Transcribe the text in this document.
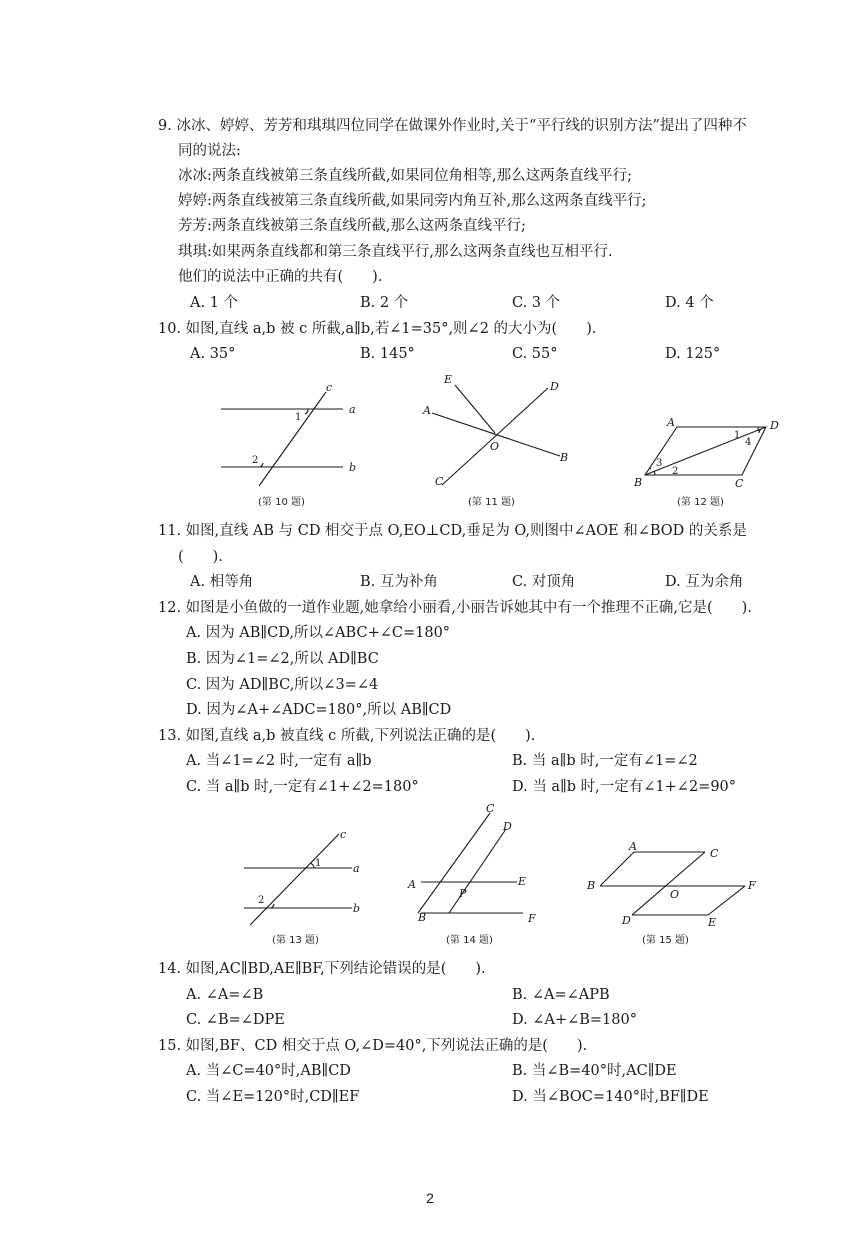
9. 冰冰、婷婷、芳芳和琪琪四位同学在做课外作业时,关于“平行线的识别方法”提出了四种不
同的说法:
冰冰:两条直线被第三条直线所截,如果同位角相等,那么这两条直线平行;
婷婷:两条直线被第三条直线所截,如果同旁内角互补,那么这两条直线平行;
芳芳:两条直线被第三条直线所截,那么这两条直线平行;
琪琪:如果两条直线都和第三条直线平行,那么这两条直线也互相平行.
他们的说法中正确的共有(　　).
A. 1 个	B. 2 个	C. 3 个	D. 4 个
10. 如图,直线 a,b 被 c 所截,a∥b,若∠1=35°,则∠2 的大小为(　　).
A. 35°	B. 145°	C. 55°	D. 125°
c
a
b
1
2
(第 10 题)
E
D
A
O
B
C
(第 11 题)
A	D
B	C
1
4
3
2
(第 12 题)
11. 如图,直线 AB 与 CD 相交于点 O,EO⊥CD,垂足为 O,则图中∠AOE 和∠BOD 的关系是
(　　).
A. 相等角	B. 互为补角	C. 对顶角	D. 互为余角
12. 如图是小鱼做的一道作业题,她拿给小丽看,小丽告诉她其中有一个推理不正确,它是(　　).
A. 因为 AB∥CD,所以∠ABC+∠C=180°
B. 因为∠1=∠2,所以 AD∥BC
C. 因为 AD∥BC,所以∠3=∠4
D. 因为∠A+∠ADC=180°,所以 AB∥CD
13. 如图,直线 a,b 被直线 c 所截,下列说法正确的是(　　).
A. 当∠1=∠2 时,一定有 a∥b	B. 当 a∥b 时,一定有∠1=∠2
C. 当 a∥b 时,一定有∠1+∠2=180°	D. 当 a∥b 时,一定有∠1+∠2=90°
c
a
b
1
2
(第 13 题)
C
D
A
P
E
B	F
(第 14 题)
A
C
B
O
F
D	E
(第 15 题)
14. 如图,AC∥BD,AE∥BF,下列结论错误的是(　　).
A. ∠A=∠B	B. ∠A=∠APB
C. ∠B=∠DPE	D. ∠A+∠B=180°
15. 如图,BF、CD 相交于点 O,∠D=40°,下列说法正确的是(　　).
A. 当∠C=40°时,AB∥CD	B. 当∠B=40°时,AC∥DE
C. 当∠E=120°时,CD∥EF	D. 当∠BOC=140°时,BF∥DE
2
